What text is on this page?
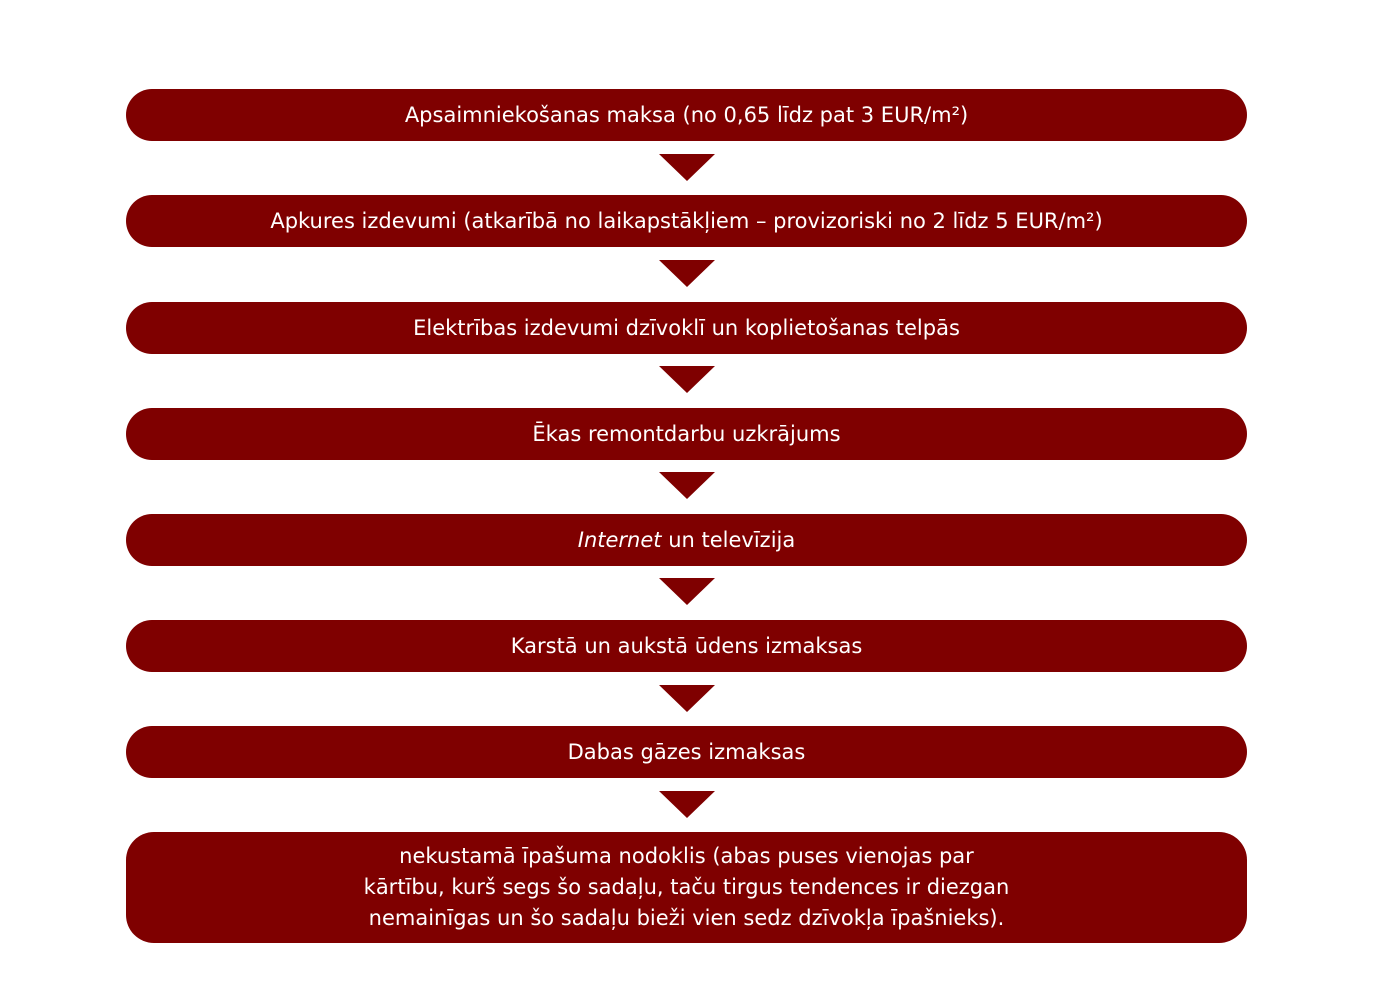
Apsaimniekošanas maksa (no 0,65 līdz pat 3 EUR/m²)
Apkures izdevumi (atkarībā no laikapstākļiem – provizoriski no 2 līdz 5 EUR/m²)
Elektrības izdevumi dzīvoklī un koplietošanas telpās
Ēkas remontdarbu uzkrājums
Internet un televīzija
Karstā un aukstā ūdens izmaksas
Dabas gāzes izmaksas
nekustamā īpašuma nodoklis (abas puses vienojas par
kārtību, kurš segs šo sadaļu, taču tirgus tendences ir diezgan
nemainīgas un šo sadaļu bieži vien sedz dzīvokļa īpašnieks).
